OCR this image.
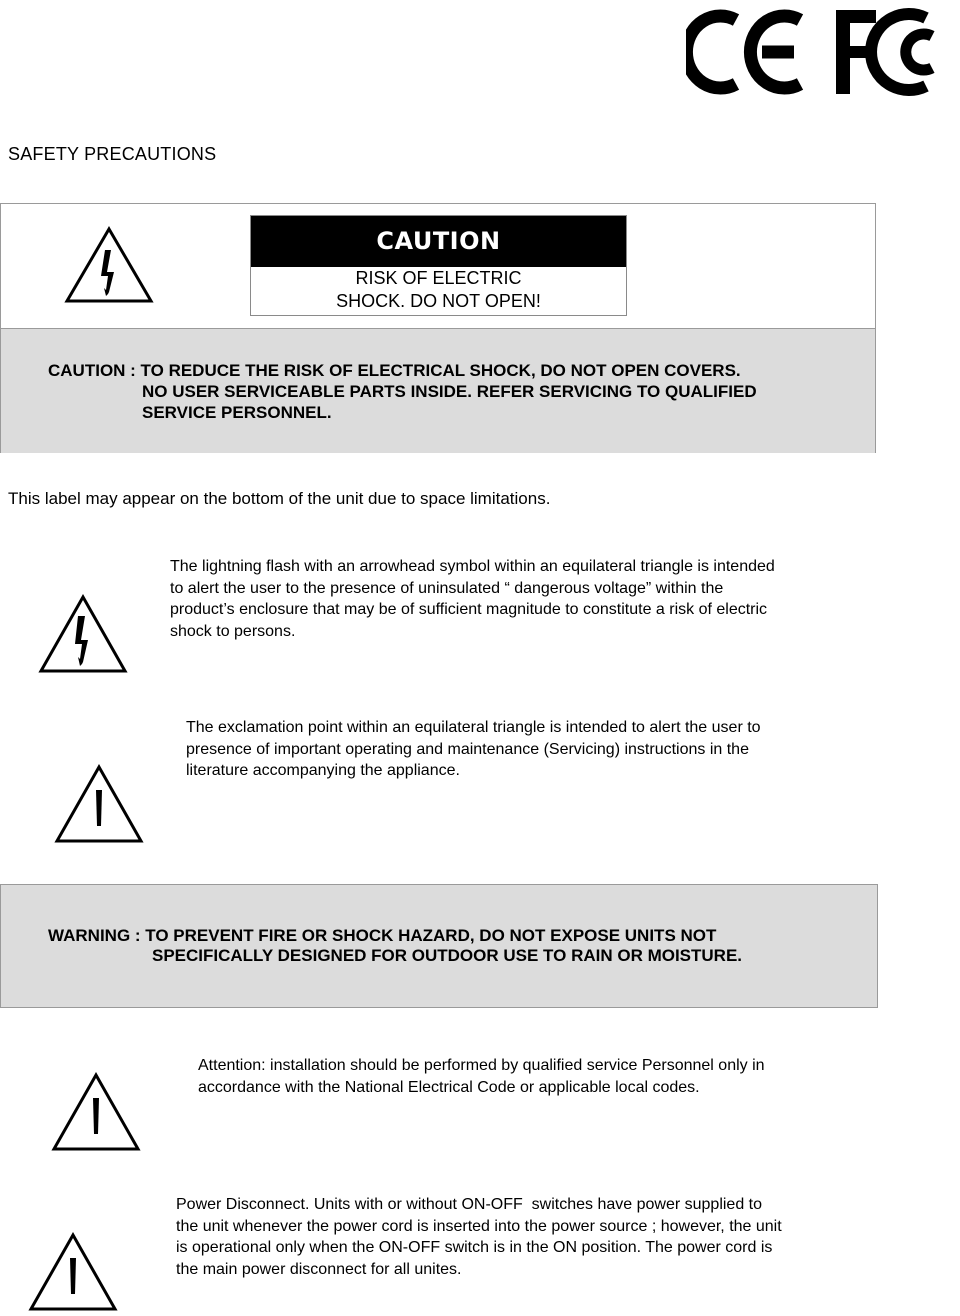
SAFETY PRECAUTIONS
CAUTION
RISK OF ELECTRIC
SHOCK. DO NOT OPEN!
CAUTION : TO REDUCE THE RISK OF ELECTRICAL SHOCK, DO NOT OPEN COVERS.
NO USER SERVICEABLE PARTS INSIDE. REFER SERVICING TO QUALIFIED
SERVICE PERSONNEL.
This label may appear on the bottom of the unit due to space limitations.
The lightning flash with an arrowhead symbol within an equilateral triangle is intended
to alert the user to the presence of uninsulated “ dangerous voltage” within the
product’s enclosure that may be of sufficient magnitude to constitute a risk of electric
shock to persons.
The exclamation point within an equilateral triangle is intended to alert the user to
presence of important operating and maintenance (Servicing) instructions in the
literature accompanying the appliance.
WARNING : TO PREVENT FIRE OR SHOCK HAZARD, DO NOT EXPOSE UNITS NOT
SPECIFICALLY DESIGNED FOR OUTDOOR USE TO RAIN OR MOISTURE.
Attention: installation should be performed by qualified service Personnel only in
accordance with the National Electrical Code or applicable local codes.
Power Disconnect. Units with or without ON-OFF  switches have power supplied to
the unit whenever the power cord is inserted into the power source ; however, the unit
is operational only when the ON-OFF switch is in the ON position. The power cord is
the main power disconnect for all unites.
